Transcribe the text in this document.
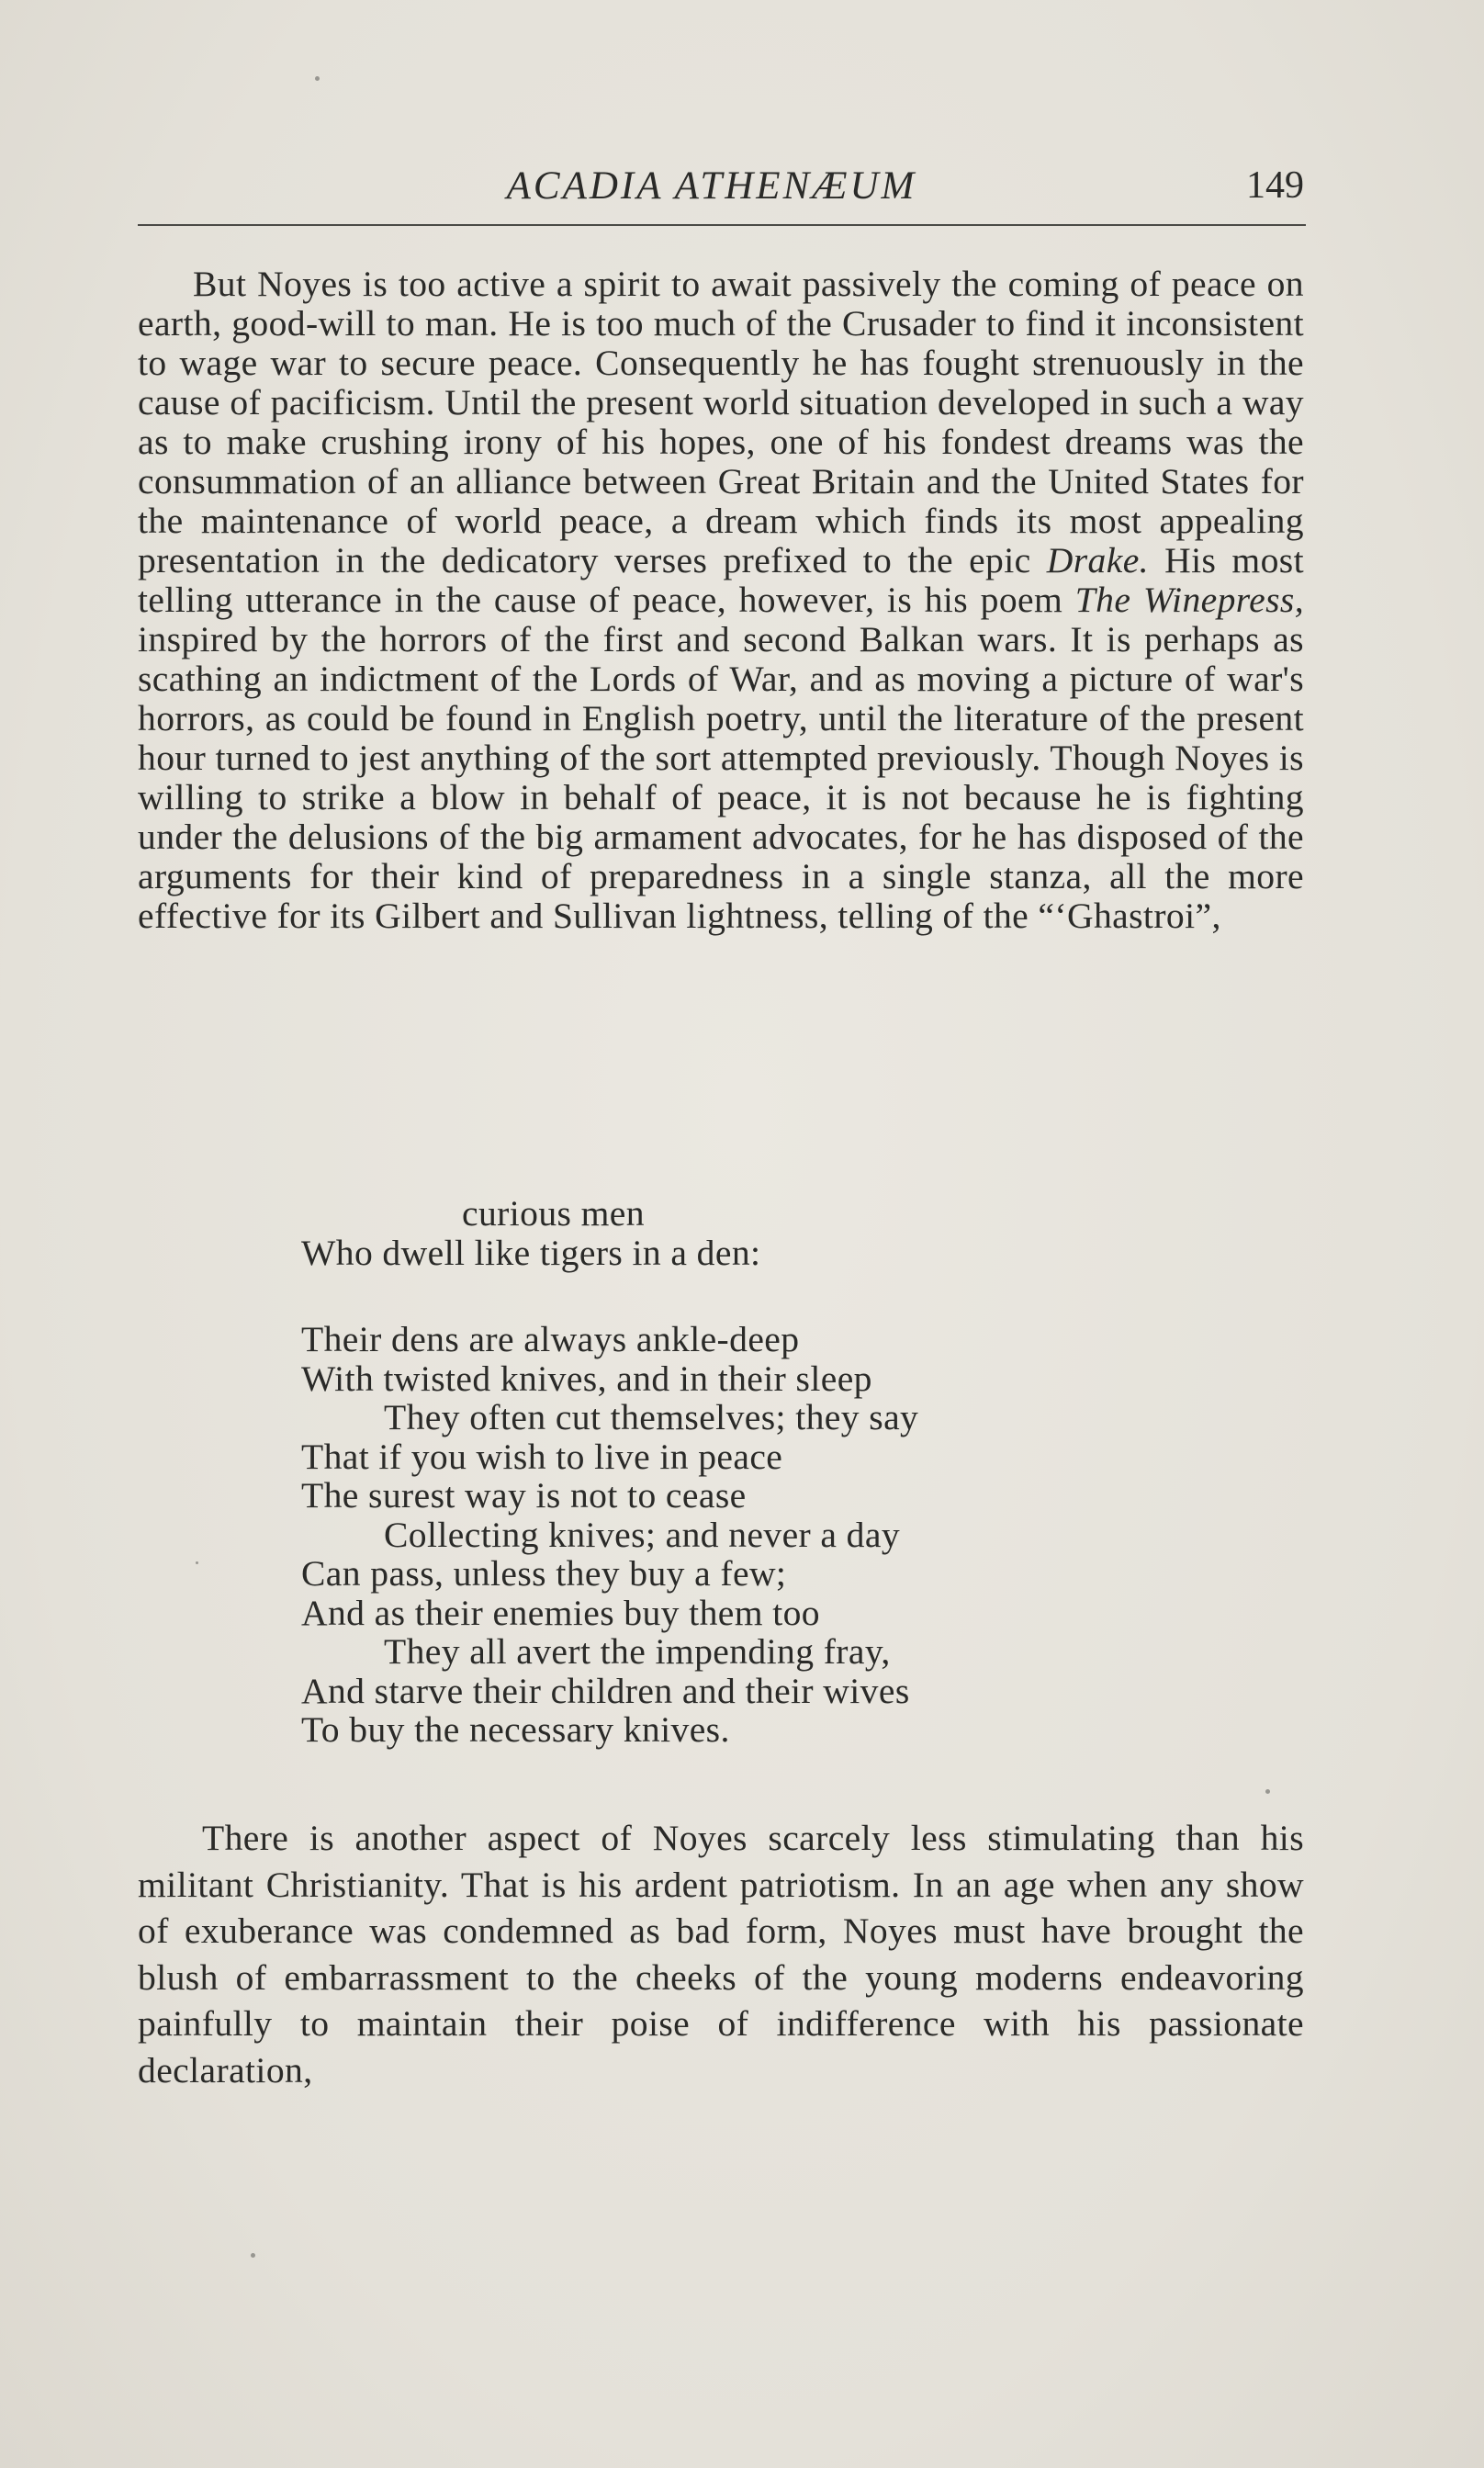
ACADIA ATHENÆUM	149

But Noyes is too active a spirit to await passively the coming of peace on earth, good-will to man. He is too much of the Crusader to find it inconsistent to wage war to secure peace. Consequently he has fought strenuously in the cause of pacificism. Until the present world situation developed in such a way as to make crushing irony of his hopes, one of his fondest dreams was the consummation of an alliance between Great Britain and the United States for the maintenance of world peace, a dream which finds its most appealing presentation in the dedicatory verses prefixed to the epic Drake. His most telling utterance in the cause of peace, however, is his poem The Winepress, inspired by the horrors of the first and second Balkan wars. It is perhaps as scathing an indictment of the Lords of War, and as moving a picture of war's horrors, as could be found in English poetry, until the literature of the present hour turned to jest anything of the sort attempted previously. Though Noyes is willing to strike a blow in behalf of peace, it is not because he is fighting under the delusions of the big armament advocates, for he has disposed of the arguments for their kind of preparedness in a single stanza, all the more effective for its Gilbert and Sullivan lightness, telling of the “‘Ghastroi”,

curious men
Who dwell like tigers in a den:
Their dens are always ankle-deep
With twisted knives, and in their sleep
They often cut themselves; they say
That if you wish to live in peace
The surest way is not to cease
Collecting knives; and never a day
Can pass, unless they buy a few;
And as their enemies buy them too
They all avert the impending fray,
And starve their children and their wives
To buy the necessary knives.

There is another aspect of Noyes scarcely less stimulating than his militant Christianity. That is his ardent patriotism. In an age when any show of exuberance was condemned as bad form, Noyes must have brought the blush of embarrassment to the cheeks of the young moderns endeavoring painfully to maintain their poise of indifference with his passionate declaration,
